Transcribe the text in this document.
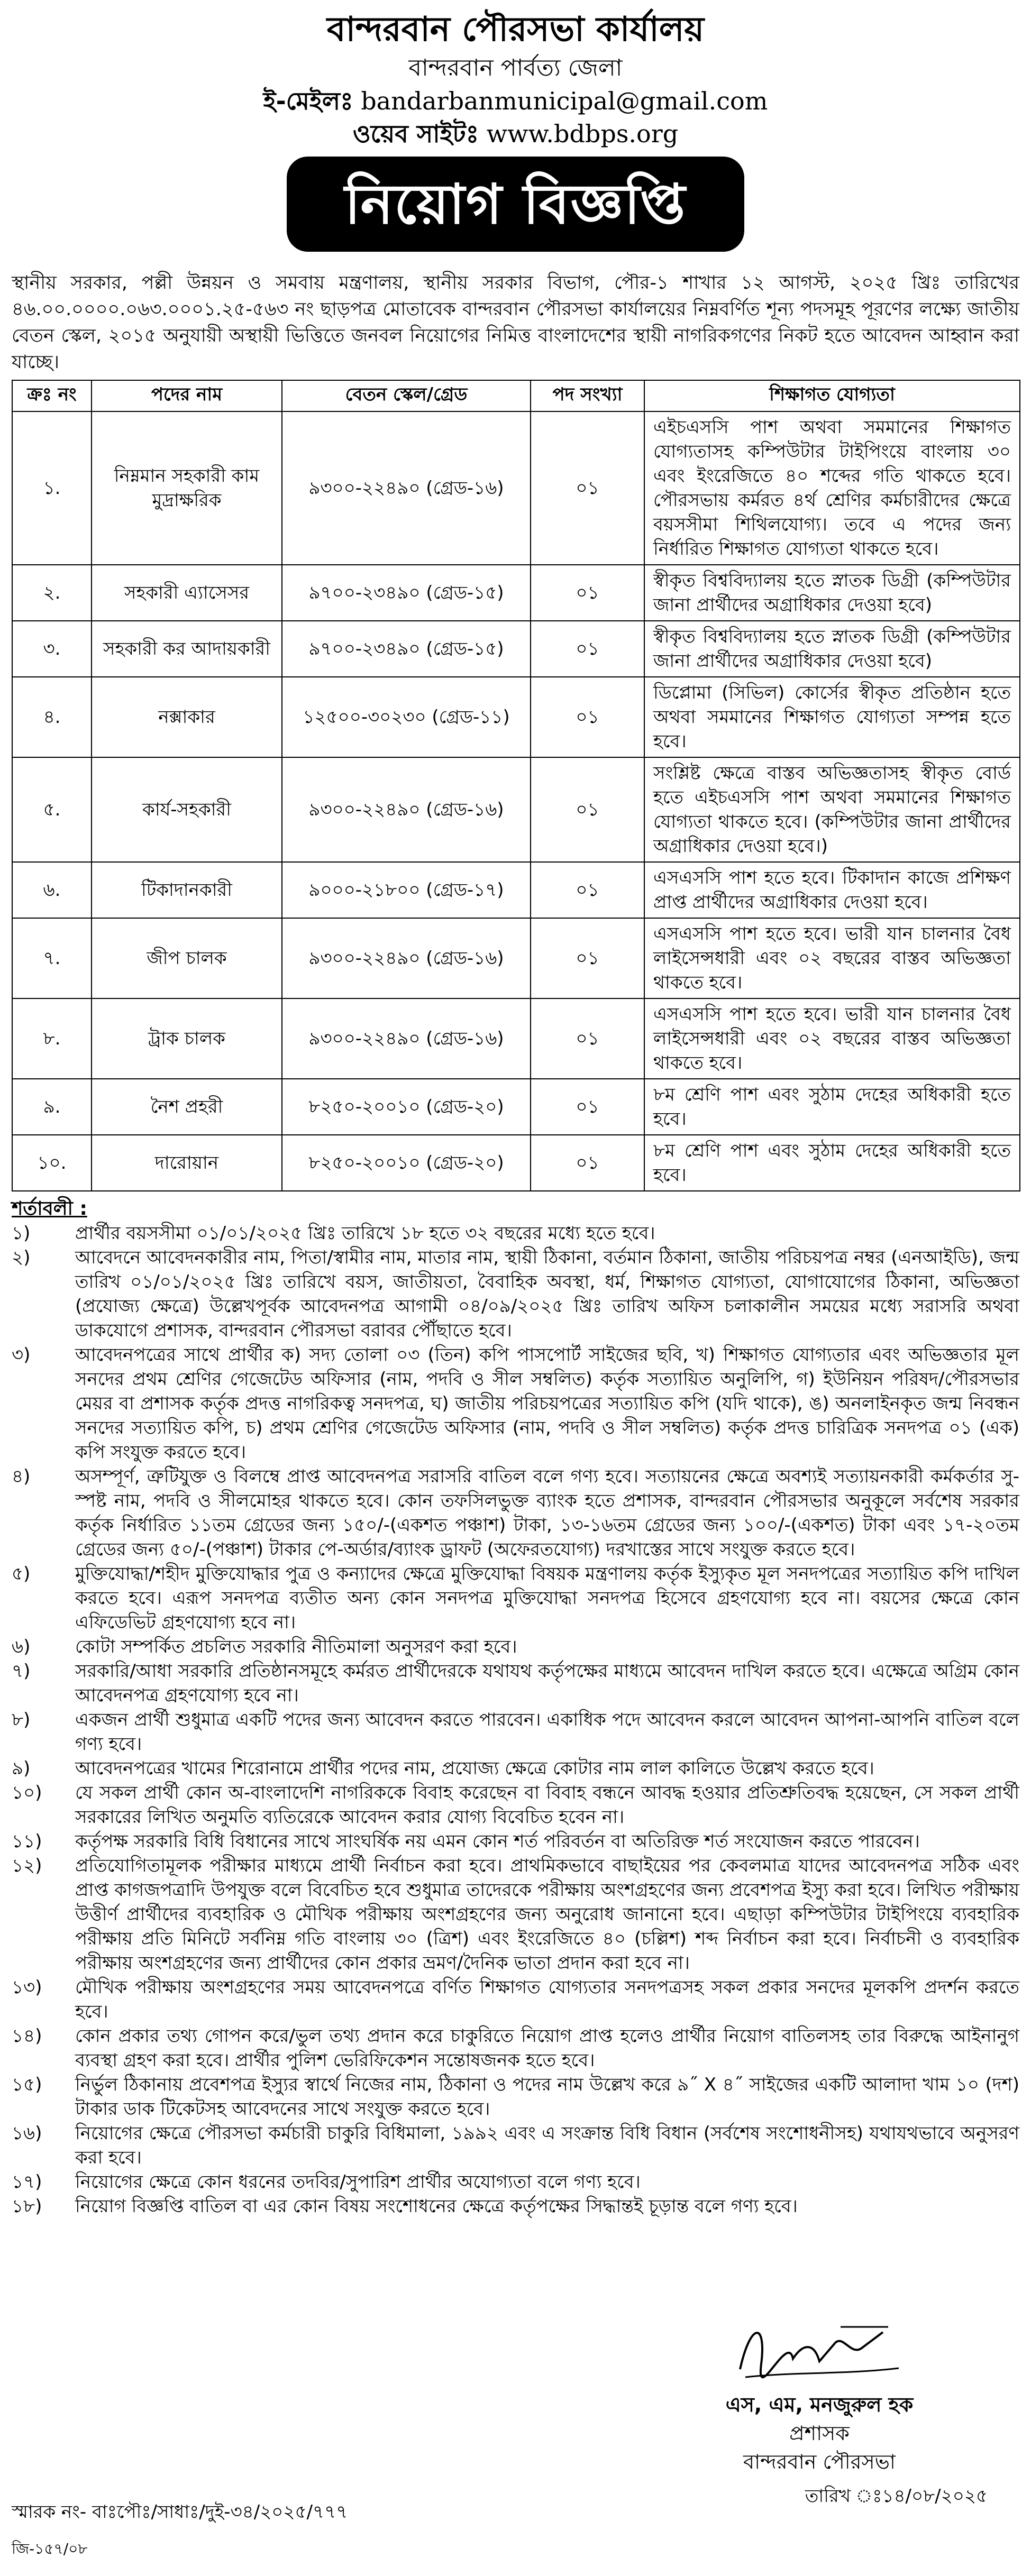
বান্দরবান পৌরসভা কার্যালয়
বান্দরবান পার্বত্য জেলা
ই-মেইলঃ bandarbanmunicipal@gmail.com
ওয়েব সাইটঃ www.bdbps.org
নিয়োগ বিজ্ঞপ্তি

স্থানীয় সরকার, পল্লী উন্নয়ন ও সমবায় মন্ত্রণালয়, স্থানীয় সরকার বিভাগ, পৌর-১ শাখার ১২ আগস্ট, ২০২৫ খ্রিঃ তারিখের ৪৬.০০.০০০০.০৬৩.০০০১.২৫-৫৬৩ নং ছাড়পত্র মোতাবেক বান্দরবান পৌরসভা কার্যালয়ের নিম্নবর্ণিত শূন্য পদসমূহ পূরণের লক্ষ্যে জাতীয় বেতন স্কেল, ২০১৫ অনুযায়ী অস্থায়ী ভিত্তিতে জনবল নিয়োগের নিমিত্ত বাংলাদেশের স্থায়ী নাগরিকগণের নিকট হতে আবেদন আহ্বান করা যাচ্ছে।

ক্রঃ নং	পদের নাম	বেতন স্কেল/গ্রেড	পদ সংখ্যা	শিক্ষাগত যোগ্যতা
১.	নিম্নমান সহকারী কাম মুদ্রাক্ষরিক	৯৩০০-২২৪৯০ (গ্রেড-১৬)	০১	এইচএসসি পাশ অথবা সমমানের শিক্ষাগত যোগ্যতাসহ কম্পিউটার টাইপিংয়ে বাংলায় ৩০ এবং ইংরেজিতে ৪০ শব্দের গতি থাকতে হবে। পৌরসভায় কর্মরত ৪র্থ শ্রেণির কর্মচারীদের ক্ষেত্রে বয়সসীমা শিথিলযোগ্য। তবে এ পদের জন্য নির্ধারিত শিক্ষাগত যোগ্যতা থাকতে হবে।
২.	সহকারী এ্যাসেসর	৯৭০০-২৩৪৯০ (গ্রেড-১৫)	০১	স্বীকৃত বিশ্ববিদ্যালয় হতে স্নাতক ডিগ্রী (কম্পিউটার জানা প্রার্থীদের অগ্রাধিকার দেওয়া হবে)
৩.	সহকারী কর আদায়কারী	৯৭০০-২৩৪৯০ (গ্রেড-১৫)	০১	স্বীকৃত বিশ্ববিদ্যালয় হতে স্নাতক ডিগ্রী (কম্পিউটার জানা প্রার্থীদের অগ্রাধিকার দেওয়া হবে)
৪.	নক্সাকার	১২৫০০-৩০২৩০ (গ্রেড-১১)	০১	ডিপ্লোমা (সিভিল) কোর্সের স্বীকৃত প্রতিষ্ঠান হতে অথবা সমমানের শিক্ষাগত যোগ্যতা সম্পন্ন হতে হবে।
৫.	কার্য-সহকারী	৯৩০০-২২৪৯০ (গ্রেড-১৬)	০১	সংশ্লিষ্ট ক্ষেত্রে বাস্তব অভিজ্ঞতাসহ স্বীকৃত বোর্ড হতে এইচএসসি পাশ অথবা সমমানের শিক্ষাগত যোগ্যতা থাকতে হবে। (কম্পিউটার জানা প্রার্থীদের অগ্রাধিকার দেওয়া হবে।)
৬.	টিকাদানকারী	৯০০০-২১৮০০ (গ্রেড-১৭)	০১	এসএসসি পাশ হতে হবে। টিকাদান কাজে প্রশিক্ষণ প্রাপ্ত প্রার্থীদের অগ্রাধিকার দেওয়া হবে।
৭.	জীপ চালক	৯৩০০-২২৪৯০ (গ্রেড-১৬)	০১	এসএসসি পাশ হতে হবে। ভারী যান চালনার বৈধ লাইসেন্সধারী এবং ০২ বছরের বাস্তব অভিজ্ঞতা থাকতে হবে।
৮.	ট্রাক চালক	৯৩০০-২২৪৯০ (গ্রেড-১৬)	০১	এসএসসি পাশ হতে হবে। ভারী যান চালনার বৈধ লাইসেন্সধারী এবং ০২ বছরের বাস্তব অভিজ্ঞতা থাকতে হবে।
৯.	নৈশ প্রহরী	৮২৫০-২০০১০ (গ্রেড-২০)	০১	৮ম শ্রেণি পাশ এবং সুঠাম দেহের অধিকারী হতে হবে।
১০.	দারোয়ান	৮২৫০-২০০১০ (গ্রেড-২০)	০১	৮ম শ্রেণি পাশ এবং সুঠাম দেহের অধিকারী হতে হবে।
শর্তাবলী :
১)	প্রার্থীর বয়সসীমা ০১/০১/২০২৫ খ্রিঃ তারিখে ১৮ হতে ৩২ বছরের মধ্যে হতে হবে।
২)	আবেদনে আবেদনকারীর নাম, পিতা/স্বামীর নাম, মাতার নাম, স্থায়ী ঠিকানা, বর্তমান ঠিকানা, জাতীয় পরিচয়পত্র নম্বর (এনআইডি), জন্ম তারিখ ০১/০১/২০২৫ খ্রিঃ তারিখে বয়স, জাতীয়তা, বৈবাহিক অবস্থা, ধর্ম, শিক্ষাগত যোগ্যতা, যোগাযোগের ঠিকানা, অভিজ্ঞতা (প্রযোজ্য ক্ষেত্রে) উল্লেখপূর্বক আবেদনপত্র আগামী ০৪/০৯/২০২৫ খ্রিঃ তারিখ অফিস চলাকালীন সময়ের মধ্যে সরাসরি অথবা ডাকযোগে প্রশাসক, বান্দরবান পৌরসভা বরাবর পৌঁছাতে হবে।
৩)	আবেদনপত্রের সাথে প্রার্থীর ক) সদ্য তোলা ০৩ (তিন) কপি পাসপোর্ট সাইজের ছবি, খ) শিক্ষাগত যোগ্যতার এবং অভিজ্ঞতার মূল সনদের প্রথম শ্রেণির গেজেটেড অফিসার (নাম, পদবি ও সীল সম্বলিত) কর্তৃক সত্যায়িত অনুলিপি, গ) ইউনিয়ন পরিষদ/পৌরসভার মেয়র বা প্রশাসক কর্তৃক প্রদত্ত নাগরিকত্ব সনদপত্র, ঘ) জাতীয় পরিচয়পত্রের সত্যায়িত কপি (যদি থাকে), ঙ) অনলাইনকৃত জন্ম নিবন্ধন সনদের সত্যায়িত কপি, চ) প্রথম শ্রেণির গেজেটেড অফিসার (নাম, পদবি ও সীল সম্বলিত) কর্তৃক প্রদত্ত চারিত্রিক সনদপত্র ০১ (এক) কপি সংযুক্ত করতে হবে।
৪)	অসম্পূর্ণ, ত্রুটিযুক্ত ও বিলম্বে প্রাপ্ত আবেদনপত্র সরাসরি বাতিল বলে গণ্য হবে। সত্যায়নের ক্ষেত্রে অবশ্যই সত্যায়নকারী কর্মকর্তার সু-স্পষ্ট নাম, পদবি ও সীলমোহর থাকতে হবে। কোন তফসিলভুক্ত ব্যাংক হতে প্রশাসক, বান্দরবান পৌরসভার অনুকূলে সর্বশেষ সরকার কর্তৃক নির্ধারিত ১১তম গ্রেডের জন্য ১৫০/-(একশত পঞ্চাশ) টাকা, ১৩-১৬তম গ্রেডের জন্য ১০০/-(একশত) টাকা এবং ১৭-২০তম গ্রেডের জন্য ৫০/-(পঞ্চাশ) টাকার পে-অর্ডার/ব্যাংক ড্রাফট (অফেরতযোগ্য) দরখাস্তের সাথে সংযুক্ত করতে হবে।
৫)	মুক্তিযোদ্ধা/শহীদ মুক্তিযোদ্ধার পুত্র ও কন্যাদের ক্ষেত্রে মুক্তিযোদ্ধা বিষয়ক মন্ত্রণালয় কর্তৃক ইস্যুকৃত মূল সনদপত্রের সত্যায়িত কপি দাখিল করতে হবে। এরূপ সনদপত্র ব্যতীত অন্য কোন সনদপত্র মুক্তিযোদ্ধা সনদপত্র হিসেবে গ্রহণযোগ্য হবে না। বয়সের ক্ষেত্রে কোন এফিডেভিট গ্রহণযোগ্য হবে না।
৬)	কোটা সম্পর্কিত প্রচলিত সরকারি নীতিমালা অনুসরণ করা হবে।
৭)	সরকারি/আধা সরকারি প্রতিষ্ঠানসমূহে কর্মরত প্রার্থীদেরকে যথাযথ কর্তৃপক্ষের মাধ্যমে আবেদন দাখিল করতে হবে। এক্ষেত্রে অগ্রিম কোন আবেদনপত্র গ্রহণযোগ্য হবে না।
৮)	একজন প্রার্থী শুধুমাত্র একটি পদের জন্য আবেদন করতে পারবেন। একাধিক পদে আবেদন করলে আবেদন আপনা-আপনি বাতিল বলে গণ্য হবে।
৯)	আবেদনপত্রের খামের শিরোনামে প্রার্থীর পদের নাম, প্রযোজ্য ক্ষেত্রে কোটার নাম লাল কালিতে উল্লেখ করতে হবে।
১০)	যে সকল প্রার্থী কোন অ-বাংলাদেশি নাগরিককে বিবাহ করেছেন বা বিবাহ বন্ধনে আবদ্ধ হওয়ার প্রতিশ্রুতিবদ্ধ হয়েছেন, সে সকল প্রার্থী সরকারের লিখিত অনুমতি ব্যতিরেকে আবেদন করার যোগ্য বিবেচিত হবেন না।
১১)	কর্তৃপক্ষ সরকারি বিধি বিধানের সাথে সাংঘর্ষিক নয় এমন কোন শর্ত পরিবর্তন বা অতিরিক্ত শর্ত সংযোজন করতে পারবেন।
১২)	প্রতিযোগিতামূলক পরীক্ষার মাধ্যমে প্রার্থী নির্বাচন করা হবে। প্রাথমিকভাবে বাছাইয়ের পর কেবলমাত্র যাদের আবেদনপত্র সঠিক এবং প্রাপ্ত কাগজপত্রাদি উপযুক্ত বলে বিবেচিত হবে শুধুমাত্র তাদেরকে পরীক্ষায় অংশগ্রহণের জন্য প্রবেশপত্র ইস্যু করা হবে। লিখিত পরীক্ষায় উত্তীর্ণ প্রার্থীদের ব্যবহারিক ও মৌখিক পরীক্ষায় অংশগ্রহণের জন্য অনুরোধ জানানো হবে। এছাড়া কম্পিউটার টাইপিংয়ে ব্যবহারিক পরীক্ষায় প্রতি মিনিটে সর্বনিম্ন গতি বাংলায় ৩০ (ত্রিশ) এবং ইংরেজিতে ৪০ (চল্লিশ) শব্দ নির্বাচন করা হবে। নির্বাচনী ও ব্যবহারিক পরীক্ষায় অংশগ্রহণের জন্য প্রার্থীদের কোন প্রকার ভ্রমণ/দৈনিক ভাতা প্রদান করা হবে না।
১৩)	মৌখিক পরীক্ষায় অংশগ্রহণের সময় আবেদনপত্রে বর্ণিত শিক্ষাগত যোগ্যতার সনদপত্রসহ সকল প্রকার সনদের মূলকপি প্রদর্শন করতে হবে।
১৪)	কোন প্রকার তথ্য গোপন করে/ভুল তথ্য প্রদান করে চাকুরিতে নিয়োগ প্রাপ্ত হলেও প্রার্থীর নিয়োগ বাতিলসহ তার বিরুদ্ধে আইনানুগ ব্যবস্থা গ্রহণ করা হবে। প্রার্থীর পুলিশ ভেরিফিকেশন সন্তোষজনক হতে হবে।
১৫)	নির্ভুল ঠিকানায় প্রবেশপত্র ইস্যুর স্বার্থে নিজের নাম, ঠিকানা ও পদের নাম উল্লেখ করে ৯˝ X ৪˝ সাইজের একটি আলাদা খাম ১০ (দশ) টাকার ডাক টিকেটসহ আবেদনের সাথে সংযুক্ত করতে হবে।
১৬)	নিয়োগের ক্ষেত্রে পৌরসভা কর্মচারী চাকুরি বিধিমালা, ১৯৯২ এবং এ সংক্রান্ত বিধি বিধান (সর্বশেষ সংশোধনীসহ) যথাযথভাবে অনুসরণ করা হবে।
১৭)	নিয়োগের ক্ষেত্রে কোন ধরনের তদবির/সুপারিশ প্রার্থীর অযোগ্যতা বলে গণ্য হবে।
১৮)	নিয়োগ বিজ্ঞপ্তি বাতিল বা এর কোন বিষয় সংশোধনের ক্ষেত্রে কর্তৃপক্ষের সিদ্ধান্তই চূড়ান্ত বলে গণ্য হবে।
এস, এম, মনজুরুল হক
প্রশাসক
বান্দরবান পৌরসভা
স্মারক নং- বাঃপৌঃ/সাধাঃ/দুই-৩৪/২০২৫/৭৭৭
তারিখ ঃ১৪/০৮/২০২৫
জি-১৫৭/০৮
